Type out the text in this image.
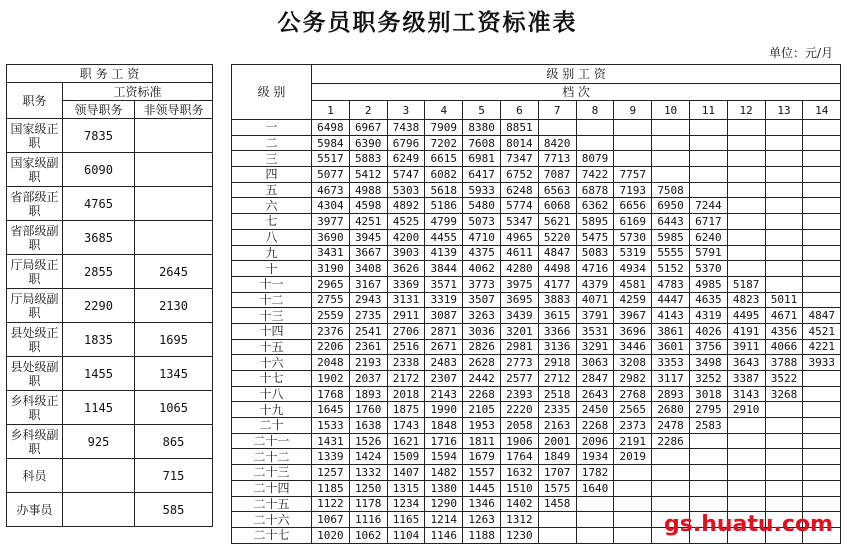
公务员职务级别工资标准表
单位：元/月
职 务 工 资		
职务	工资标准	
	领导职务	非领导职务
国家级正职	7835	
国家级副职	6090	
省部级正职	4765	
省部级副职	3685	
厅局级正职	2855	2645
厅局级副职	2290	2130
县处级正职	1835	1695
县处级副职	1455	1345
乡科级正职	1145	1065
乡科级副职	925	865
科员		715
办事员		585
级 别	级 别 工 资													
	档 次													
	1	2	3	4	5	6	7	8	9	10	11	12	13	14
一	6498	6967	7438	7909	8380	8851								
二	5984	6390	6796	7202	7608	8014	8420							
三	5517	5883	6249	6615	6981	7347	7713	8079						
四	5077	5412	5747	6082	6417	6752	7087	7422	7757					
五	4673	4988	5303	5618	5933	6248	6563	6878	7193	7508				
六	4304	4598	4892	5186	5480	5774	6068	6362	6656	6950	7244			
七	3977	4251	4525	4799	5073	5347	5621	5895	6169	6443	6717			
八	3690	3945	4200	4455	4710	4965	5220	5475	5730	5985	6240			
九	3431	3667	3903	4139	4375	4611	4847	5083	5319	5555	5791			
十	3190	3408	3626	3844	4062	4280	4498	4716	4934	5152	5370			
十一	2965	3167	3369	3571	3773	3975	4177	4379	4581	4783	4985	5187		
十二	2755	2943	3131	3319	3507	3695	3883	4071	4259	4447	4635	4823	5011	
十三	2559	2735	2911	3087	3263	3439	3615	3791	3967	4143	4319	4495	4671	4847
十四	2376	2541	2706	2871	3036	3201	3366	3531	3696	3861	4026	4191	4356	4521
十五	2206	2361	2516	2671	2826	2981	3136	3291	3446	3601	3756	3911	4066	4221
十六	2048	2193	2338	2483	2628	2773	2918	3063	3208	3353	3498	3643	3788	3933
十七	1902	2037	2172	2307	2442	2577	2712	2847	2982	3117	3252	3387	3522	
十八	1768	1893	2018	2143	2268	2393	2518	2643	2768	2893	3018	3143	3268	
十九	1645	1760	1875	1990	2105	2220	2335	2450	2565	2680	2795	2910		
二十	1533	1638	1743	1848	1953	2058	2163	2268	2373	2478	2583			
二十一	1431	1526	1621	1716	1811	1906	2001	2096	2191	2286				
二十二	1339	1424	1509	1594	1679	1764	1849	1934	2019					
二十三	1257	1332	1407	1482	1557	1632	1707	1782						
二十四	1185	1250	1315	1380	1445	1510	1575	1640						
二十五	1122	1178	1234	1290	1346	1402	1458							
二十六	1067	1116	1165	1214	1263	1312								
二十七	1020	1062	1104	1146	1188	1230									gs.huatu.com
